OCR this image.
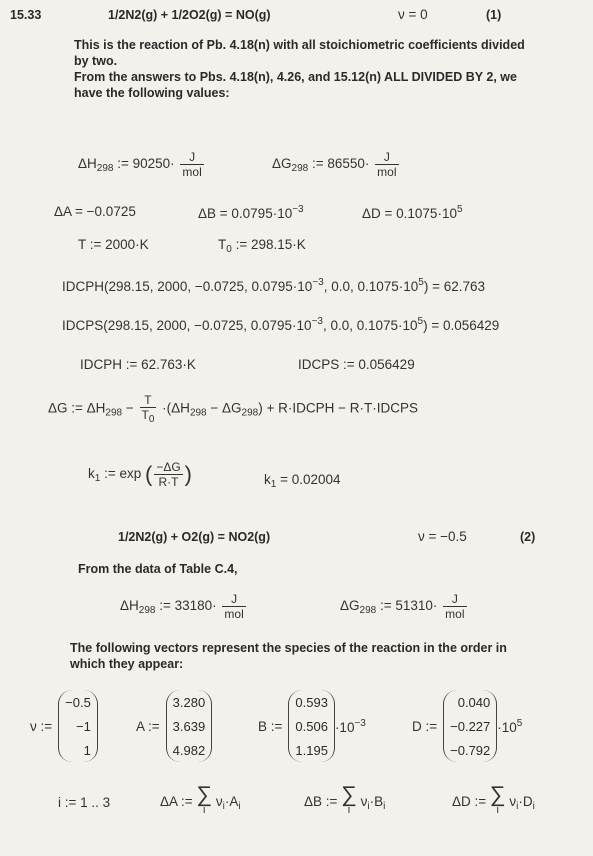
15.33	1/2N2(g) + 1/2O2(g) = NO(g)	ν = 0	(1)
This is the reaction of Pb. 4.18(n) with all stoichiometric coefficients divided
by two.
From the answers to Pbs. 4.18(n), 4.26, and 15.12(n) ALL DIVIDED BY 2, we
have the following values:
$\Delta H_{298}$ := $90250\cdot \frac{J}{\text{mol}}$	$\Delta G_{298}$ := $86550\cdot \frac{J}{\text{mol}}$
ΔA = −0.0725	$\Delta B = 0.0795\cdot 10^{-3}$	$\Delta D = 0.1075\cdot 10^5$
T := 2000·K	$T_0$ := 298.15·K
IDCPH(298.15, 2000, −0.0725, $0.0795\cdot 10^{-3}$, 0.0, $0.1075\cdot 10^5) = 62.763$
IDCPS(298.15, 2000, −0.0725, $0.0795\cdot 10^{-3}$, 0.0, $0.1075\cdot 10^5) = 0.056429$
IDCPH := 62.763·K	IDCPS := 0.056429
ΔG := $\Delta H_{298} - \frac{T}{T_0} \cdot(\Delta H_{298} - \Delta G_{298})$ + R·IDCPH − R·T·IDCPS
$k_1$ := exp ( $\frac{-\Delta G}{R\cdot T}$ )	$k_1 = 0.02004$
1/2N2(g) + O2(g) = NO2(g)	ν = −0.5	(2)
From the data of Table C.4,
$\Delta H_{298}$ := $33180\cdot \frac{J}{\text{mol}}$	$\Delta G_{298}$ := $51310\cdot \frac{J}{\text{mol}}$
The following vectors represent the species of the reaction in the order in
which they appear:
ν :=
−0.5
−1
1
A :=
3.280
3.639
4.982
B :=
0.593
0.506
1.195
$\cdot 10^{-3}$	D :=
0.040
−0.227
−0.792
$\cdot 10^5$
i := 1 .. 3	ΔA := ∑
i
$\nu_i\cdot A_i$	ΔB := ∑
i
$\nu_i\cdot B_i$	ΔD := ∑
i
$\nu_i\cdot D_i$
